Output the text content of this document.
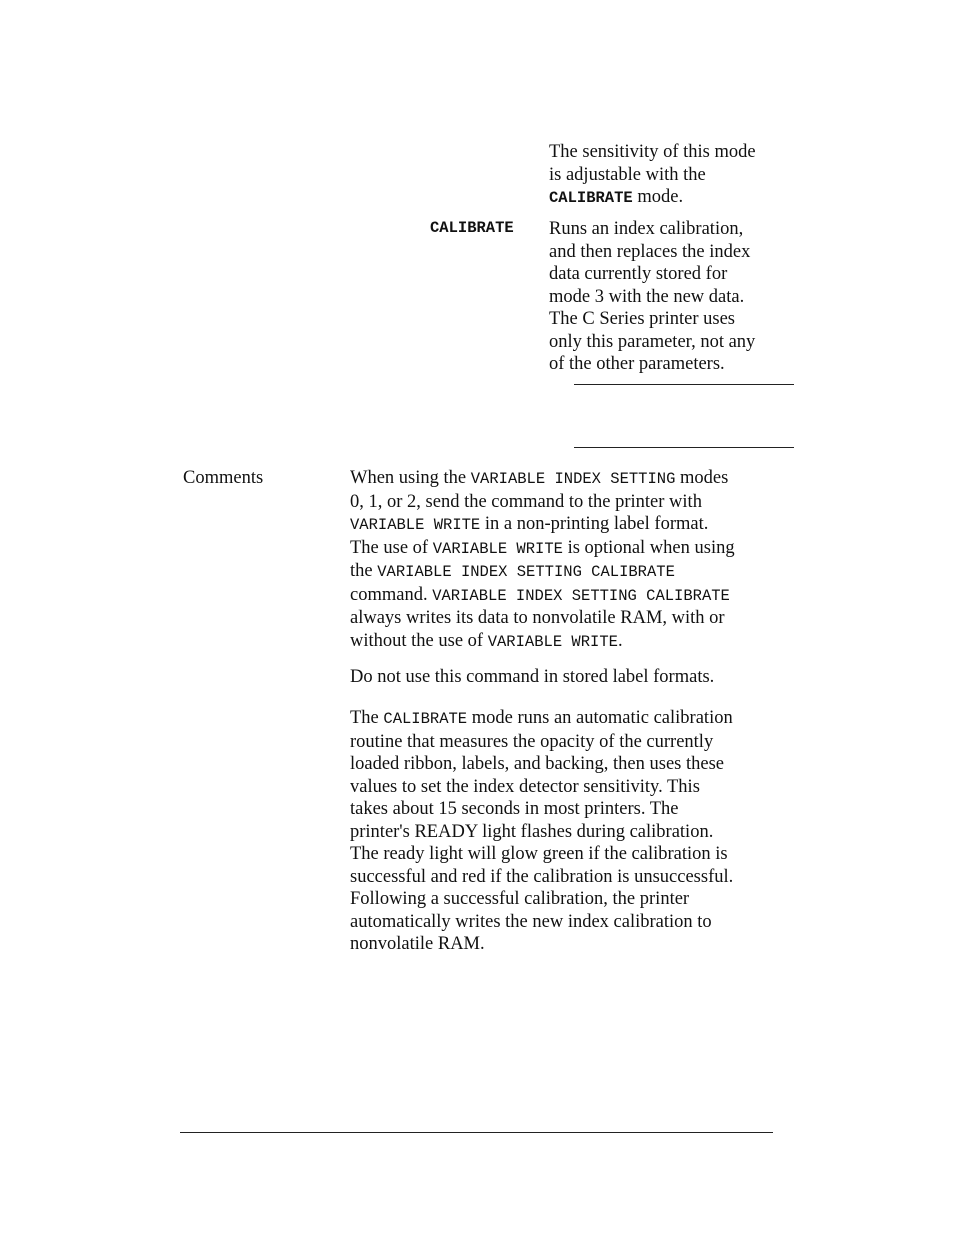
The sensitivity of this mode

is adjustable with the

CALIBRATE mode.

CALIBRATE Runs an index calibration,

and then replaces the index

data currently stored for

mode 3 with the new data.

The C Series printer uses

only this parameter, not any

of the other parameters.

Comments	When using the VARIABLE INDEX SETTING modes

0, 1, or 2, send the command to the printer with

VARIABLE WRITE in a non-printing label format.

The use of VARIABLE WRITE is optional when using

the VARIABLE INDEX SETTING CALIBRATE

command. VARIABLE INDEX SETTING CALIBRATE

always writes its data to nonvolatile RAM, with or

without the use of VARIABLE WRITE.

Do not use this command in stored label formats.

The CALIBRATE mode runs an automatic calibration

routine that measures the opacity of the currently

loaded ribbon, labels, and backing, then uses these

values to set the index detector sensitivity. This

takes about 15 seconds in most printers. The

printer's READY light flashes during calibration.

The ready light will glow green if the calibration is

successful and red if the calibration is unsuccessful.

Following a successful calibration, the printer

automatically writes the new index calibration to

nonvolatile RAM.
